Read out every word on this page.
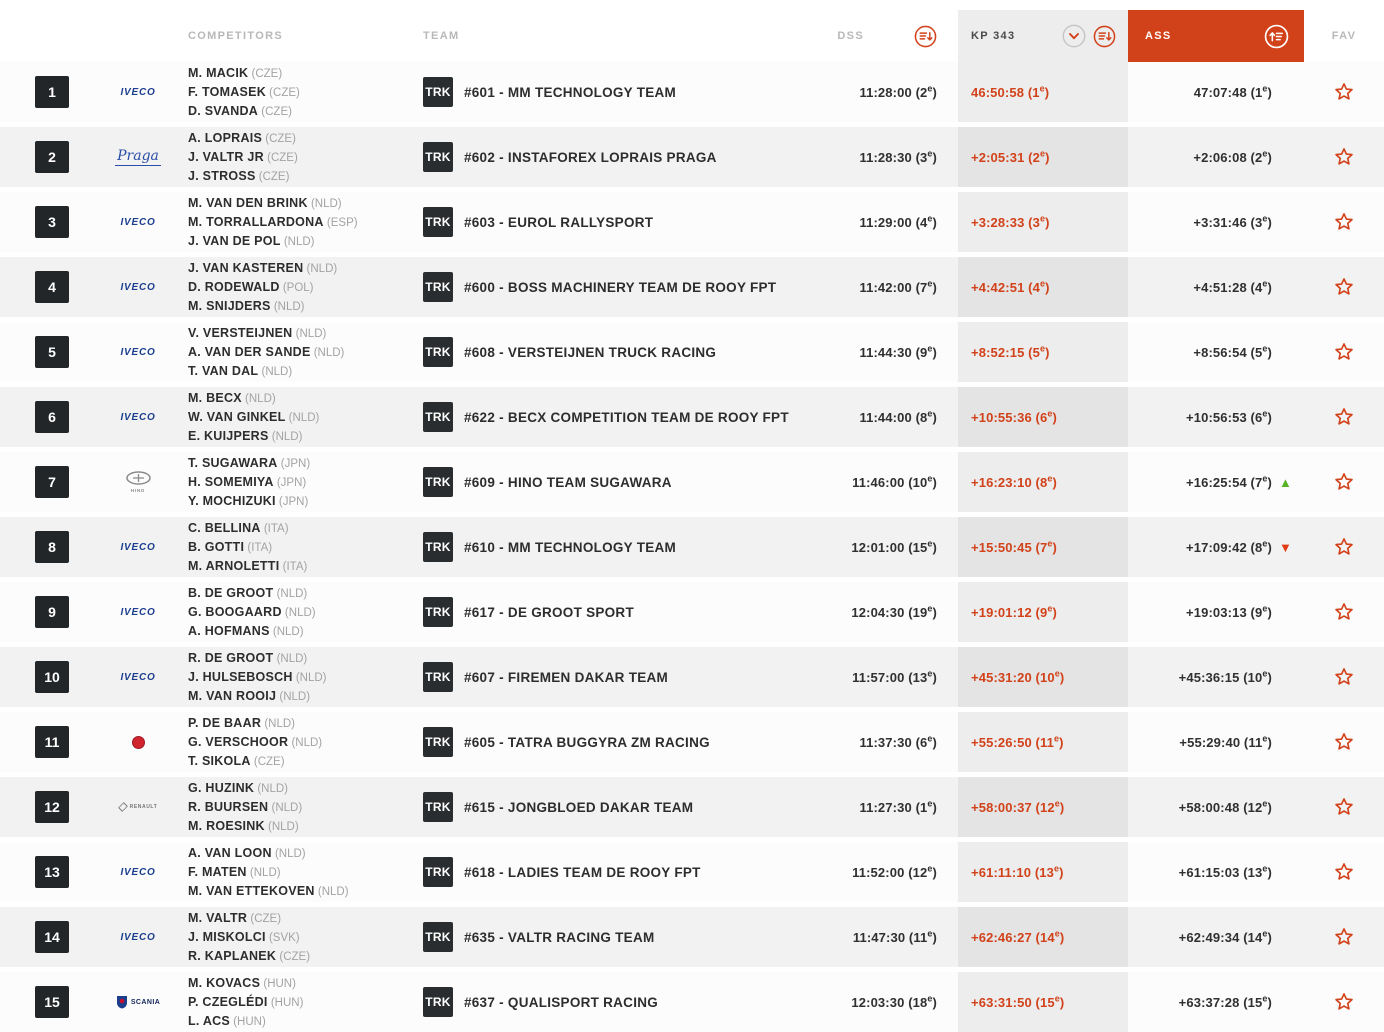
COMPETITORS	TEAM	DSS	KP 343	ASS	FAV
1	IVECO
M. MACIK (CZE)
F. TOMASEK (CZE)
D. SVANDA (CZE)
TRK #601 - MM TECHNOLOGY TEAM	11:28:00 (2e)	46:50:58 (1e)	47:07:48 (1e)
2	Praga
A. LOPRAIS (CZE)
J. VALTR JR (CZE)
J. STROSS (CZE)
TRK #602 - INSTAFOREX LOPRAIS PRAGA	11:28:30 $(3^e)$	+2:05:31 $(2^e)$	+2:06:08 (2e)
3	IVECO
M. VAN DEN BRINK (NLD)
M. TORRALLARDONA (ESP)
J. VAN DE POL (NLD)
TRK #603 - EUROL RALLYSPORT	11:29:00 $(4^e)$	+3:28:33 $(3^e)$	+3:31:46 (3e)
4	IVECO
J. VAN KASTEREN (NLD)
D. RODEWALD (POL)
M. SNIJDERS (NLD)
TRK #600 - BOSS MACHINERY TEAM DE ROOY FPT	11:42:00 $(7^e)$	+4:42:51 $(4^e)$	+4:51:28 (4e)
5	IVECO
V. VERSTEIJNEN (NLD)
A. VAN DER SANDE (NLD)
T. VAN DAL (NLD)
TRK #608 - VERSTEIJNEN TRUCK RACING	11:44:30 $(9^e)$	+8:52:15 $(5^e)$	+8:56:54 (5e)
6	IVECO
M. BECX (NLD)
W. VAN GINKEL (NLD)
E. KUIJPERS (NLD)
TRK #622 - BECX COMPETITION TEAM DE ROOY FPT	11:44:00 $(8^e)$	+10:55:36 $(6^e)$	+10:56:53 (6e)
7
HINO
T. SUGAWARA (JPN)
H. SOMEMIYA (JPN)
Y. MOCHIZUKI (JPN)
TRK #609 - HINO TEAM SUGAWARA	11:46:00 $(10^e)$	+16:23:10 $(8^e)$	+16:25:54 (7e) ▲
8	IVECO
C. BELLINA (ITA)
B. GOTTI (ITA)
M. ARNOLETTI (ITA)
TRK #610 - MM TECHNOLOGY TEAM	12:01:00 $(15^e)$	+15:50:45 $(7^e)$	+17:09:42 (8e) ▼
9	IVECO
B. DE GROOT (NLD)
G. BOOGAARD (NLD)
A. HOFMANS (NLD)
TRK #617 - DE GROOT SPORT	12:04:30 $(19^e)$	+19:01:12 $(9^e)$	+19:03:13 (9e)
10	IVECO
R. DE GROOT (NLD)
J. HULSEBOSCH (NLD)
M. VAN ROOIJ (NLD)
TRK #607 - FIREMEN DAKAR TEAM	11:57:00 $(13^e)$	+45:31:20 $(10^e)$	+45:36:15 (10e)
11
P. DE BAAR (NLD)
G. VERSCHOOR (NLD)
T. SIKOLA (CZE)
TRK #605 - TATRA BUGGYRA ZM RACING	11:37:30 $(6^e)$	+55:26:50 $(11^e)$	+55:29:40 (11e)
12	RENAULT
G. HUZINK (NLD)
R. BUURSEN (NLD)
M. ROESINK (NLD)
TRK #615 - JONGBLOED DAKAR TEAM	11:27:30 $(1^e)$	+58:00:37 $(12^e)$	+58:00:48 (12e)
13	IVECO
A. VAN LOON (NLD)
F. MATEN (NLD)
M. VAN ETTEKOVEN (NLD)
TRK #618 - LADIES TEAM DE ROOY FPT	11:52:00 $(12^e)$	+61:11:10 $(13^e)$	+61:15:03 (13e)
14	IVECO
M. VALTR (CZE)
J. MISKOLCI (SVK)
R. KAPLANEK (CZE)
TRK #635 - VALTR RACING TEAM	11:47:30 $(11^e)$	+62:46:27 $(14^e)$	+62:49:34 (14e)
15	SCANIA
M. KOVACS (HUN)
P. CZEGLÉDI (HUN)
L. ACS (HUN)
TRK #637 - QUALISPORT RACING	12:03:30 $(18^e)$	+63:31:50 $(15^e)$	+63:37:28 (15e)
